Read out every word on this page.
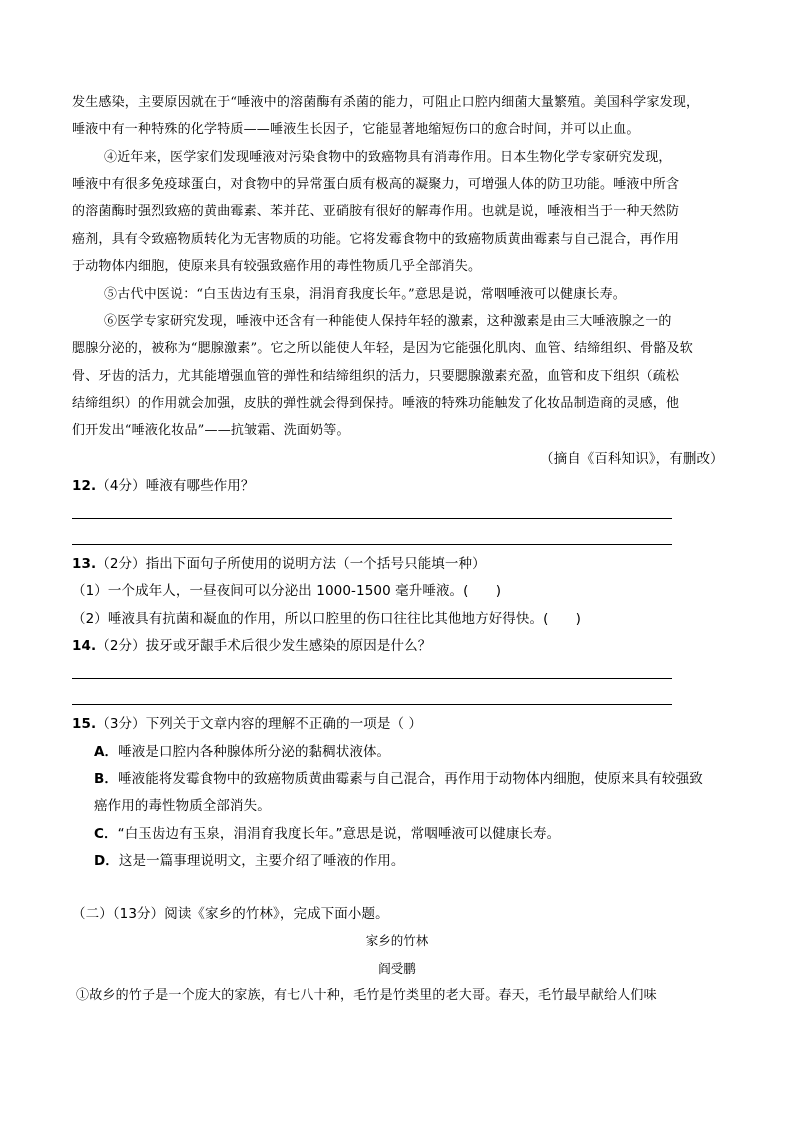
发生感染，主要原因就在于“唾液中的溶菌酶有杀菌的能力，可阻止口腔内细菌大量繁殖。美国科学家发现，
唾液中有一种特殊的化学特质——唾液生长因子，它能显著地缩短伤口的愈合时间，并可以止血。
④近年来，医学家们发现唾液对污染食物中的致癌物具有消毒作用。日本生物化学专家研究发现，
唾液中有很多免疫球蛋白，对食物中的异常蛋白质有极高的凝聚力，可增强人体的防卫功能。唾液中所含
的溶菌酶时强烈致癌的黄曲霉素、苯并芘、亚硝胺有很好的解毒作用。也就是说，唾液相当于一种天然防
癌剂，具有令致癌物质转化为无害物质的功能。它将发霉食物中的致癌物质黄曲霉素与自己混合，再作用
于动物体内细胞，使原来具有较强致癌作用的毒性物质几乎全部消失。
⑤古代中医说：“白玉齿边有玉泉，涓涓育我度长年。”意思是说，常咽唾液可以健康长寿。
⑥医学专家研究发现，唾液中还含有一种能使人保持年轻的激素，这种激素是由三大唾液腺之一的
腮腺分泌的，被称为“腮腺激素”。它之所以能使人年轻，是因为它能强化肌肉、血管、结缔组织、骨骼及软
骨、牙齿的活力，尤其能增强血管的弹性和结缔组织的活力，只要腮腺激素充盈，血管和皮下组织（疏松
结缔组织）的作用就会加强，皮肤的弹性就会得到保持。唾液的特殊功能触发了化妆品制造商的灵感，他
们开发出“唾液化妆品”——抗皱霜、洗面奶等。
（摘自《百科知识》，有删改）
12.（4分）唾液有哪些作用？
13.（2分）指出下面句子所使用的说明方法（一个括号只能填一种）
（1）一个成年人，一昼夜间可以分泌出 1000-1500 毫升唾液。(　　)
（2）唾液具有抗菌和凝血的作用，所以口腔里的伤口往往比其他地方好得快。(　　)
14.（2分）拔牙或牙龈手术后很少发生感染的原因是什么？
15.（3分）下列关于文章内容的理解不正确的一项是（ ）
A．唾液是口腔内各种腺体所分泌的黏稠状液体。
B．唾液能将发霉食物中的致癌物质黄曲霉素与自己混合，再作用于动物体内细胞，使原来具有较强致
癌作用的毒性物质全部消失。
C．“白玉齿边有玉泉，涓涓育我度长年。”意思是说，常咽唾液可以健康长寿。
D．这是一篇事理说明文，主要介绍了唾液的作用。
（二）（13分）阅读《家乡的竹林》，完成下面小题。
家乡的竹林
阎受鹏
①故乡的竹子是一个庞大的家族，有七八十种，毛竹是竹类里的老大哥。春天，毛竹最早献给人们味
